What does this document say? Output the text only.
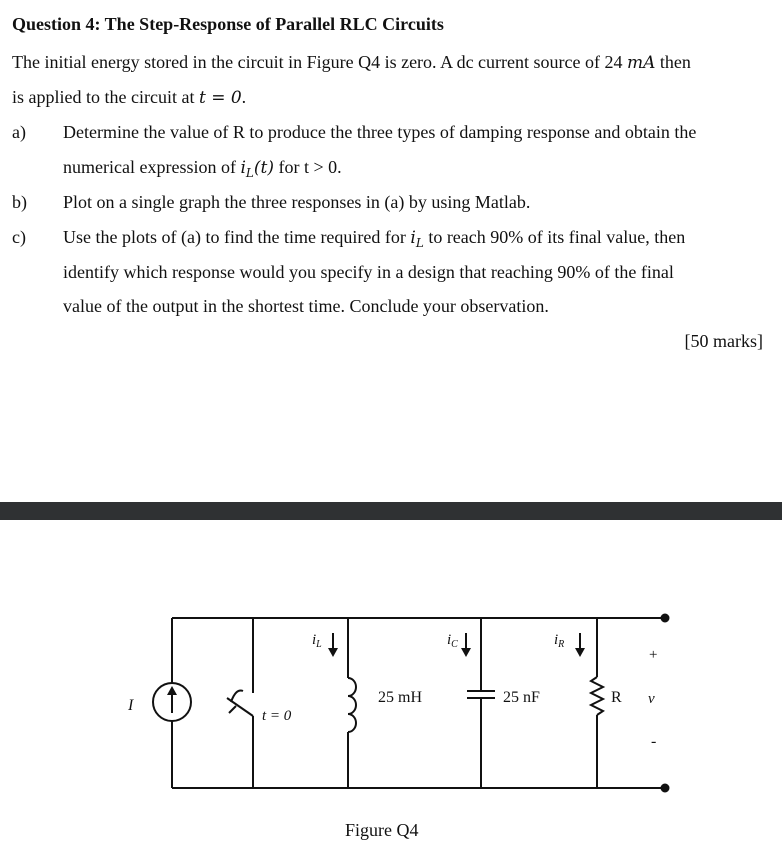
Question 4: The Step-Response of Parallel RLC Circuits
The initial energy stored in the circuit in Figure Q4 is zero. A dc current source of 24 mA then
is applied to the circuit at t = 0.
a) Determine the value of R to produce the three types of damping response and obtain the
numerical expression of $i_L(t)$ for t > 0.
b) Plot on a single graph the three responses in (a) by using Matlab.
c) Use the plots of (a) to find the time required for $i_L$ to reach 90% of its final value, then
identify which response would you specify in a design that reaching 90% of the final
value of the output in the shortest time. Conclude your observation.
[50 marks]
I
t = 0
25 mH
$i_L$
25 nF
$i_C$
R
$i_R$
+
v
-
Figure Q4
